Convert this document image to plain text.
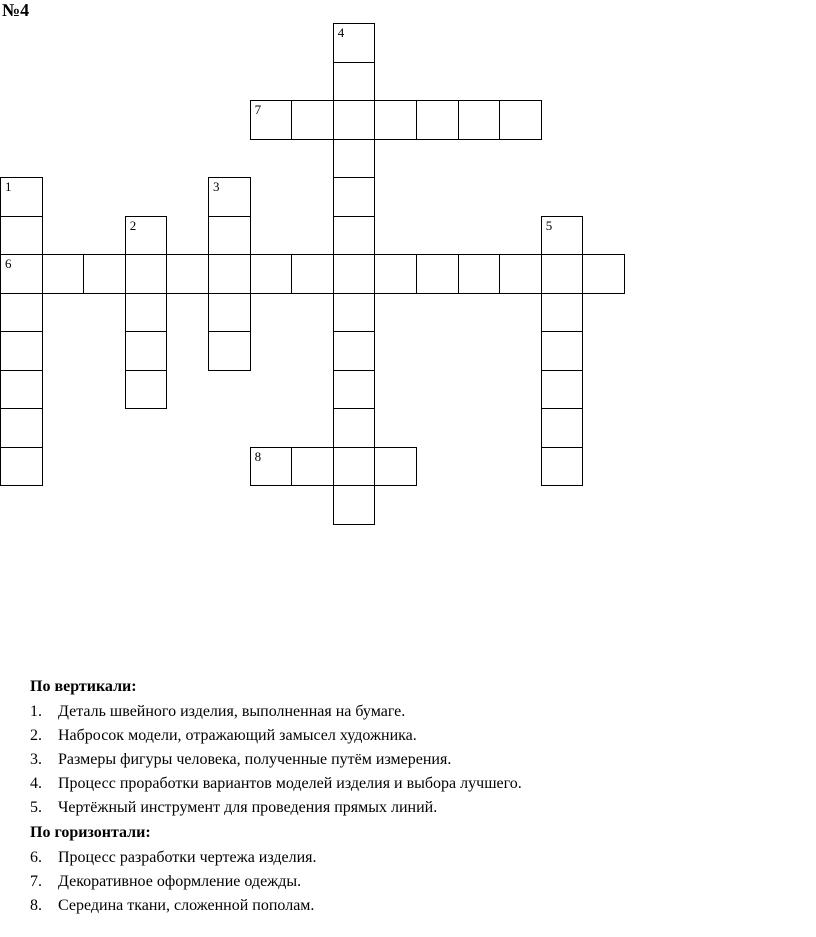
№4
1
6
2
3
4
5
7
8
По вертикали:
1. Деталь швейного изделия, выполненная на бумаге.
2. Набросок модели, отражающий замысел художника.
3. Размеры фигуры человека, полученные путём измерения.
4. Процесс проработки вариантов моделей изделия и выбора лучшего.
5. Чертёжный инструмент для проведения прямых линий.
По горизонтали:
6. Процесс разработки чертежа изделия.
7. Декоративное оформление одежды.
8. Середина ткани, сложенной пополам.
